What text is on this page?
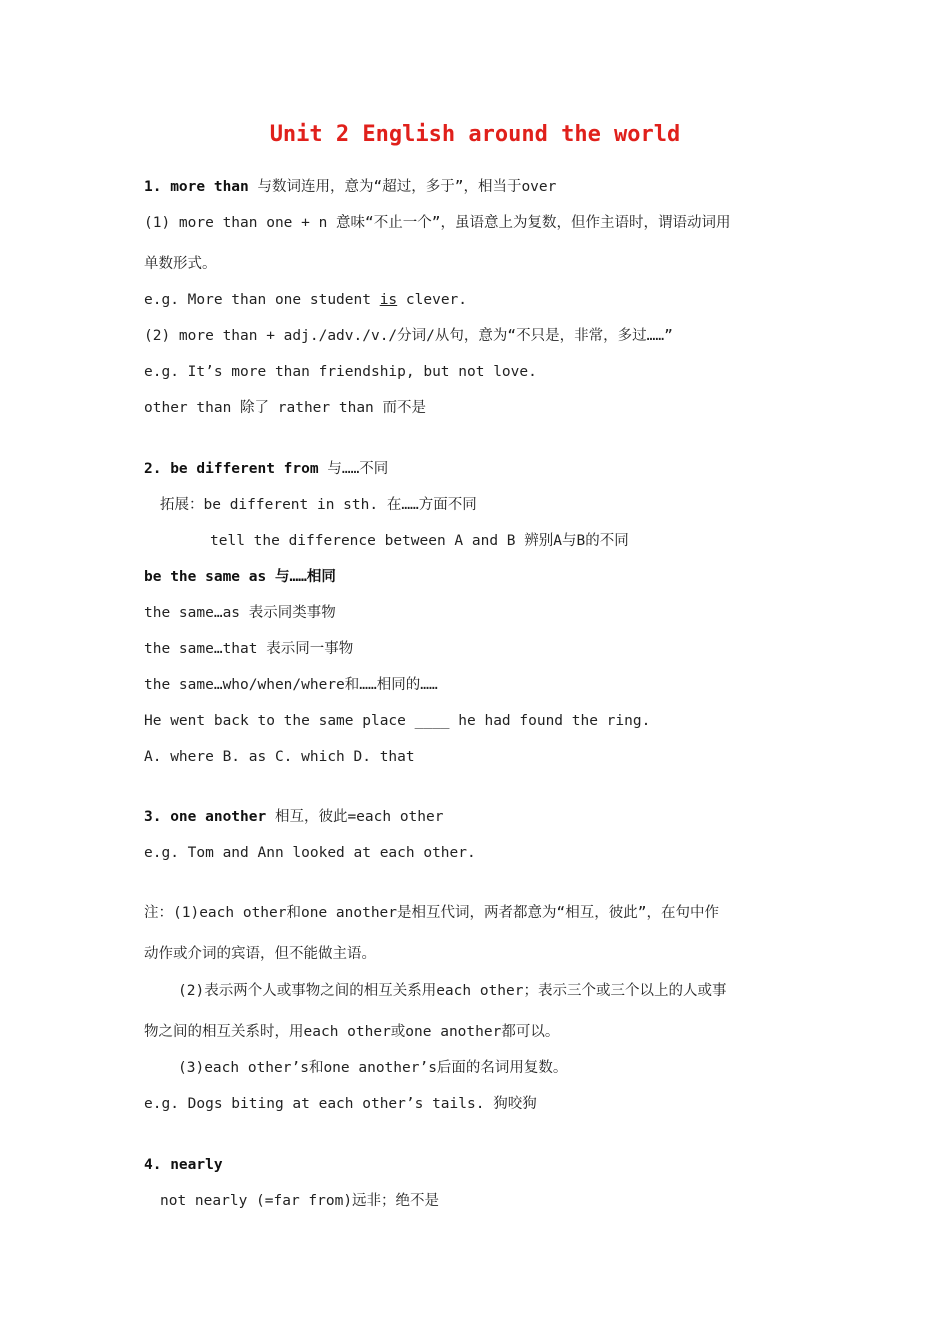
Unit 2 English around the world
1. more than 与数词连用，意为“超过，多于”，相当于over
(1) more than one + n 意味“不止一个”，虽语意上为复数，但作主语时，谓语动词用
单数形式。
e.g. More than one student is clever.
(2) more than + adj./adv./v./分词/从句，意为“不只是，非常，多过……”
e.g. It’s more than friendship, but not love.
other than 除了 rather than 而不是
2. be different from 与……不同
拓展：be different in sth. 在……方面不同
tell the difference between A and B 辨别A与B的不同
be the same as 与……相同
the same…as 表示同类事物
the same…that 表示同一事物
the same…who/when/where和……相同的……
He went back to the same place ____ he had found the ring.
A. where B. as C. which D. that
3. one another 相互，彼此=each other
e.g. Tom and Ann looked at each other.
注：(1)each other和one another是相互代词，两者都意为“相互，彼此”，在句中作
动作或介词的宾语，但不能做主语。
(2)表示两个人或事物之间的相互关系用each other；表示三个或三个以上的人或事
物之间的相互关系时，用each other或one another都可以。
(3)each other’s和one another’s后面的名词用复数。
e.g. Dogs biting at each other’s tails. 狗咬狗
4. nearly
not nearly (=far from)远非；绝不是
